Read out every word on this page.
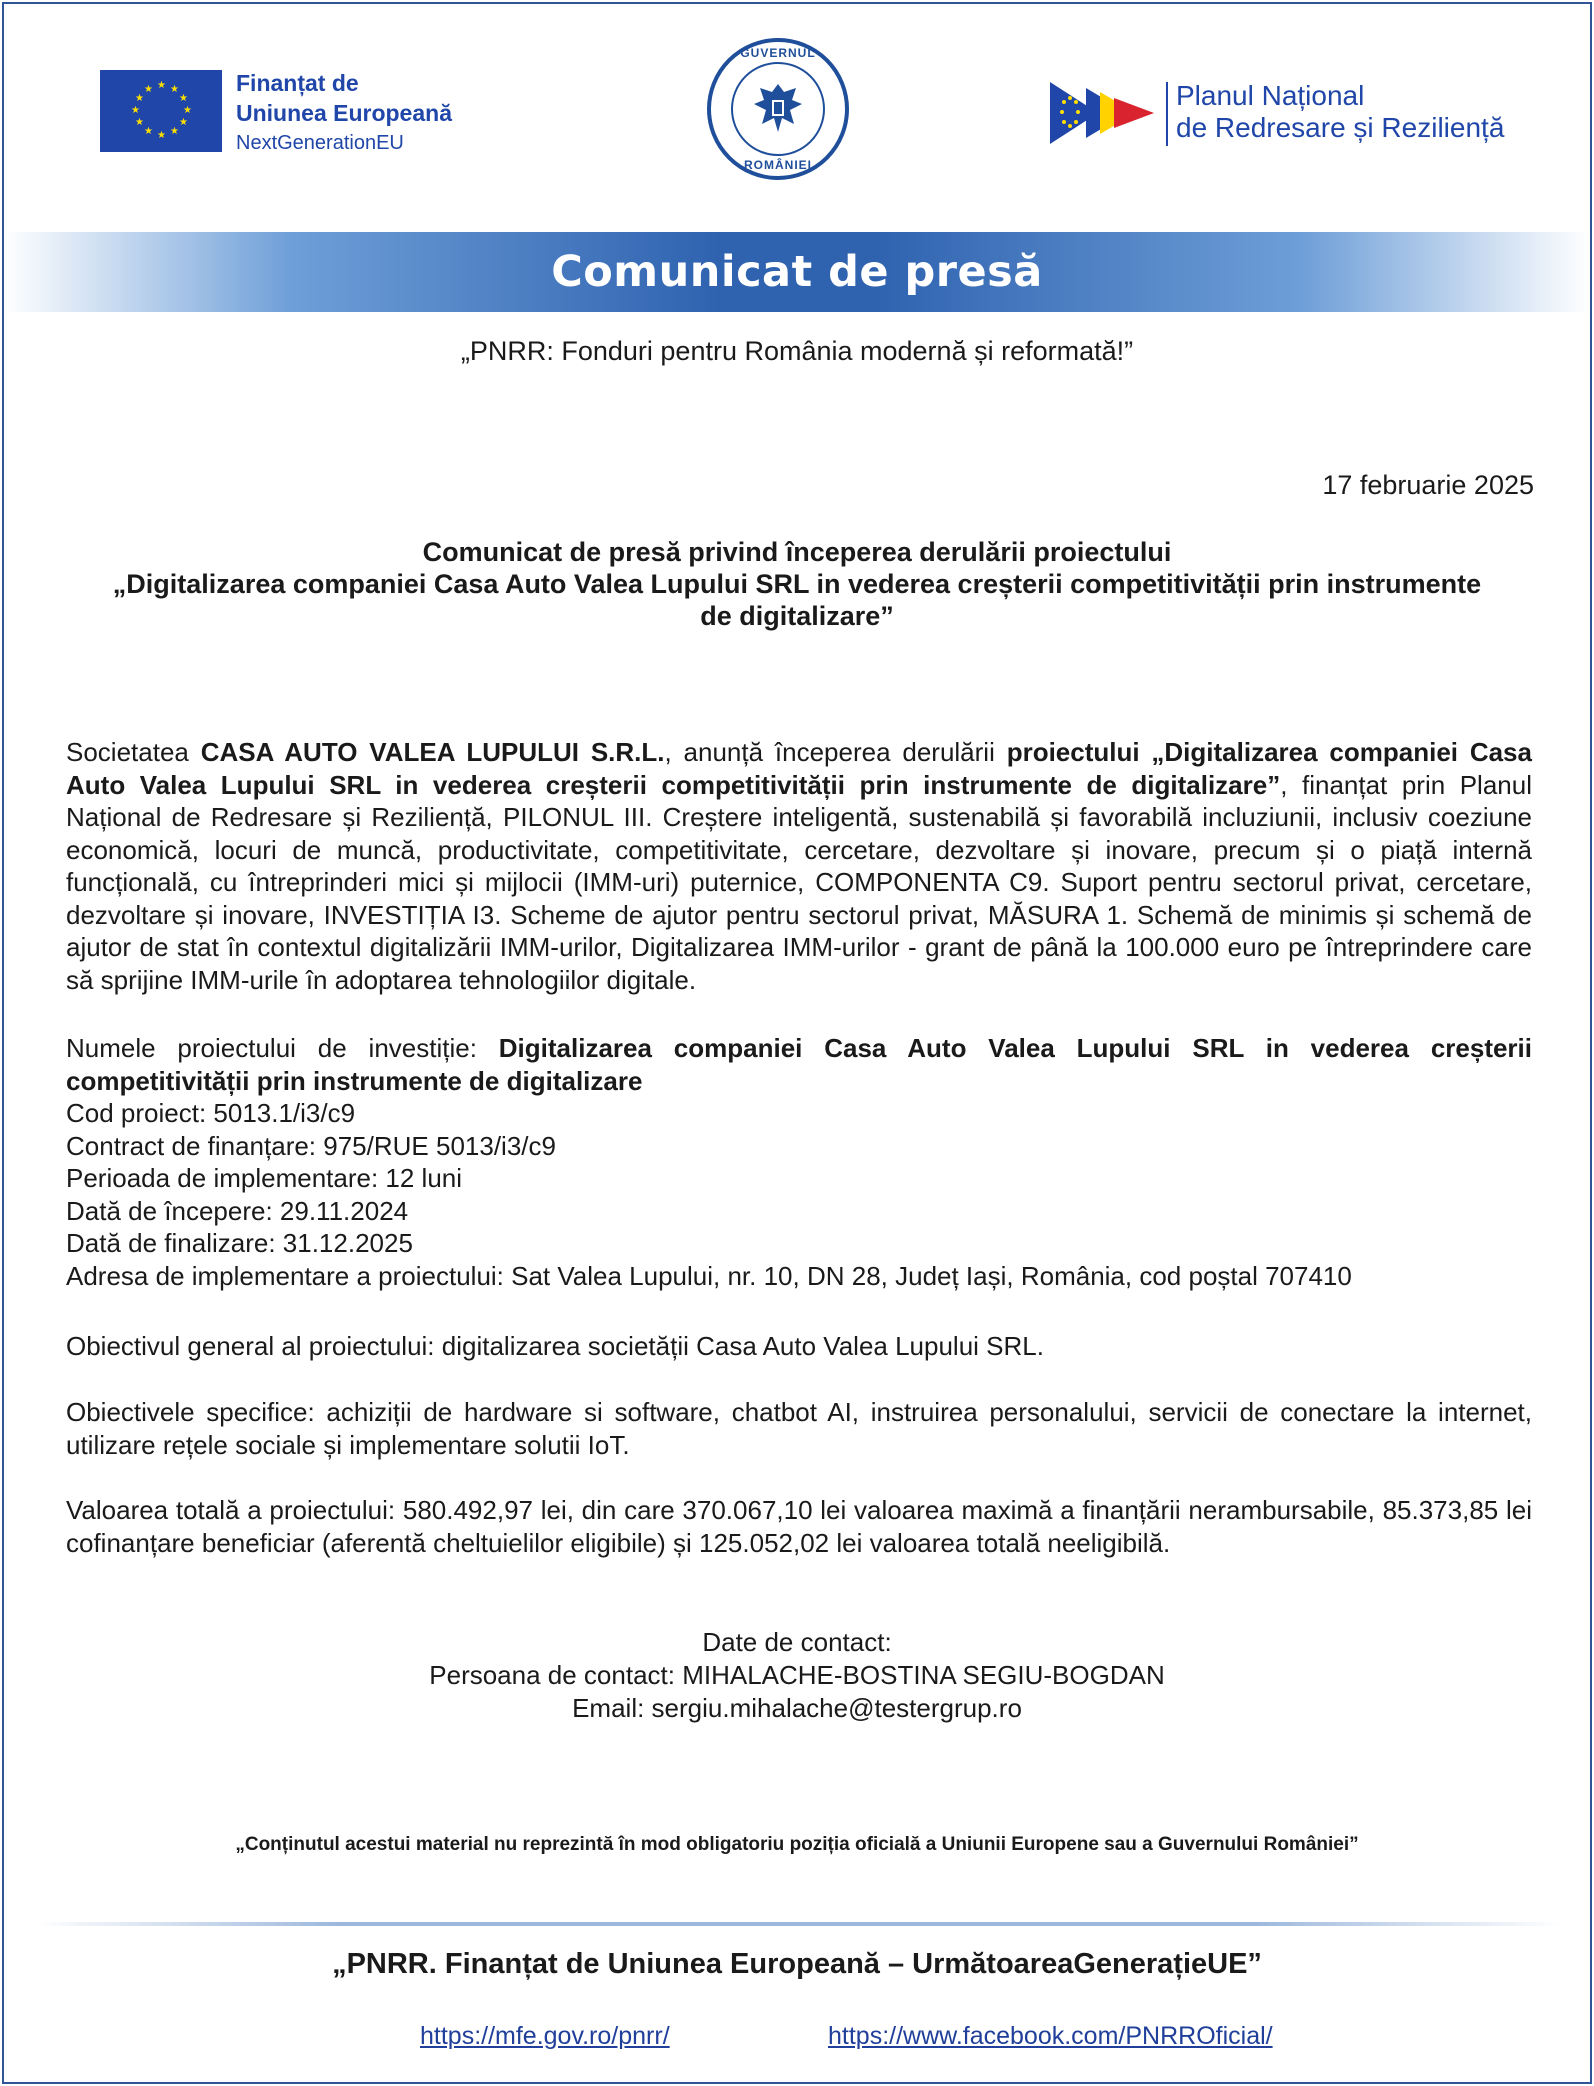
★ ★
★
★
★
★
★
★
★
★
★
★	Finanțat de
Uniunea Europeană
NextGenerationEU
GUVERNUL
ROMÂNIEI
Planul Național
de Redresare și Reziliență
Comunicat de presă
„PNRR: Fonduri pentru România modernă și reformată!”
17 februarie 2025
Comunicat de presă privind începerea derulării proiectului
„Digitalizarea companiei Casa Auto Valea Lupului SRL in vederea creșterii competitivității prin instrumente
de digitalizare”
Societatea CASA AUTO VALEA LUPULUI S.R.L., anunță începerea derulării proiectului „Digitalizarea companiei Casa Auto Valea Lupului SRL in vederea creșterii competitivității prin instrumente de digitalizare”, finanțat prin Planul Național de Redresare și Reziliență, PILONUL III. Creștere inteligentă, sustenabilă și favorabilă incluziunii, inclusiv coeziune economică, locuri de muncă, productivitate, competitivitate, cercetare, dezvoltare și inovare, precum și o piață internă funcțională, cu întreprinderi mici și mijlocii (IMM-uri) puternice, COMPONENTA C9. Suport pentru sectorul privat, cercetare, dezvoltare și inovare, INVESTIȚIA I3. Scheme de ajutor pentru sectorul privat, MĂSURA 1. Schemă de minimis și schemă de ajutor de stat în contextul digitalizării IMM-urilor, Digitalizarea IMM-urilor - grant de până la 100.000 euro pe întreprindere care să sprijine IMM-urile în adoptarea tehnologiilor digitale.
Numele proiectului de investiție: Digitalizarea companiei Casa Auto Valea Lupului SRL in vederea creșterii competitivității prin instrumente de digitalizare
Cod proiect: 5013.1/i3/c9
Contract de finanțare: 975/RUE 5013/i3/c9
Perioada de implementare: 12 luni
Dată de începere: 29.11.2024
Dată de finalizare: 31.12.2025
Adresa de implementare a proiectului: Sat Valea Lupului, nr. 10, DN 28, Județ Iași, România, cod poștal 707410
Obiectivul general al proiectului: digitalizarea societății Casa Auto Valea Lupului SRL.
Obiectivele specifice: achiziții de hardware si software, chatbot AI, instruirea personalului, servicii de conectare la internet, utilizare rețele sociale și implementare solutii IoT.
Valoarea totală a proiectului: 580.492,97 lei, din care 370.067,10 lei valoarea maximă a finanțării nerambursabile, 85.373,85 lei cofinanțare beneficiar (aferentă cheltuielilor eligibile) și 125.052,02 lei valoarea totală neeligibilă.
Date de contact:
Persoana de contact: MIHALACHE-BOSTINA SEGIU-BOGDAN
Email: sergiu.mihalache@testergrup.ro
„Conținutul acestui material nu reprezintă în mod obligatoriu poziția oficială a Uniunii Europene sau a Guvernului României”
„PNRR. Finanțat de Uniunea Europeană – UrmătoareaGenerațieUE”
https://mfe.gov.ro/pnrr/	https://www.facebook.com/PNRROficial/
